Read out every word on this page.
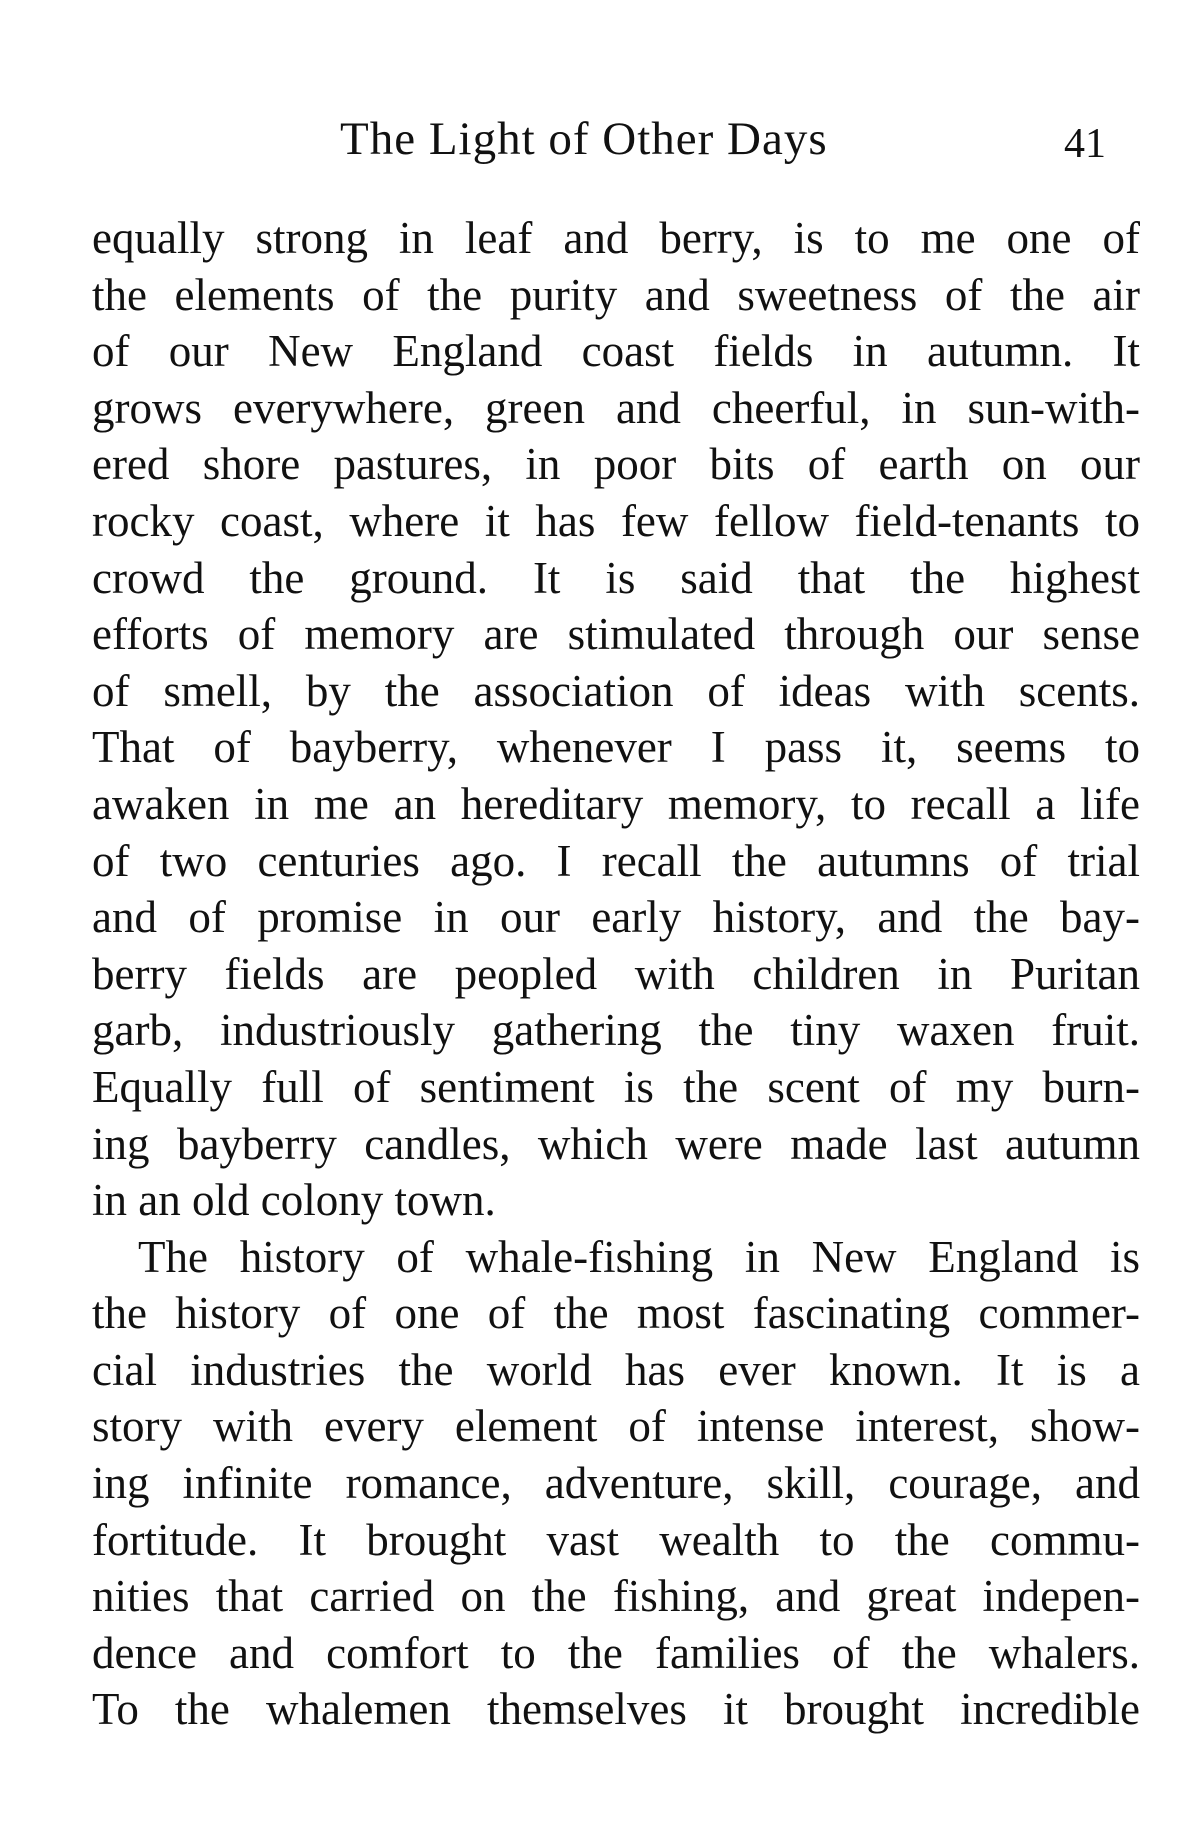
The Light of Other Days	41
equally strong in leaf and berry, is to me one of
the elements of the purity and sweetness of the air
of our New England coast fields in autumn. It
grows everywhere, green and cheerful, in sun-with-
ered shore pastures, in poor bits of earth on our
rocky coast, where it has few fellow field-tenants to
crowd the ground. It is said that the highest
efforts of memory are stimulated through our sense
of smell, by the association of ideas with scents.
That of bayberry, whenever I pass it, seems to
awaken in me an hereditary memory, to recall a life
of two centuries ago. I recall the autumns of trial
and of promise in our early history, and the bay-
berry fields are peopled with children in Puritan
garb, industriously gathering the tiny waxen fruit.
Equally full of sentiment is the scent of my burn-
ing bayberry candles, which were made last autumn
in an old colony town.
The history of whale-fishing in New England is
the history of one of the most fascinating commer-
cial industries the world has ever known. It is a
story with every element of intense interest, show-
ing infinite romance, adventure, skill, courage, and
fortitude. It brought vast wealth to the commu-
nities that carried on the fishing, and great indepen-
dence and comfort to the families of the whalers.
To the whalemen themselves it brought incredible
